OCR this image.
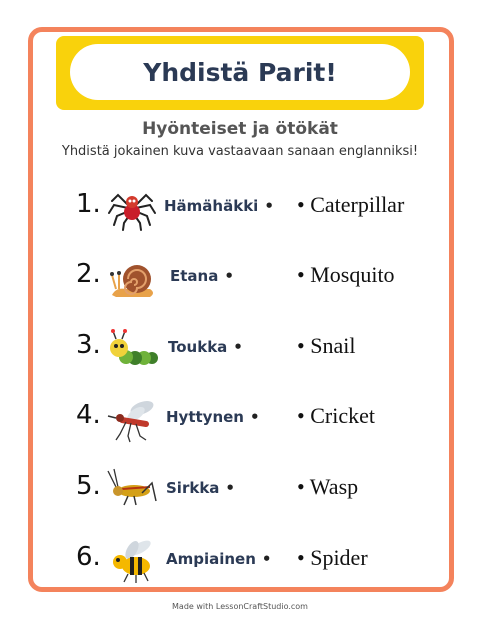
Yhdistä Parit!
Hyönteiset ja ötökät
Yhdistä jokainen kuva vastaavaan sanaan englanniksi!
1.	Hämähäkki • • Caterpillar
2.	Etana •	• Mosquito
3.	Toukka • • Snail
4.	Hyttynen • • Cricket
5.	Sirkka •	• Wasp
6.	Ampiainen • • Spider
Made with LessonCraftStudio.com
